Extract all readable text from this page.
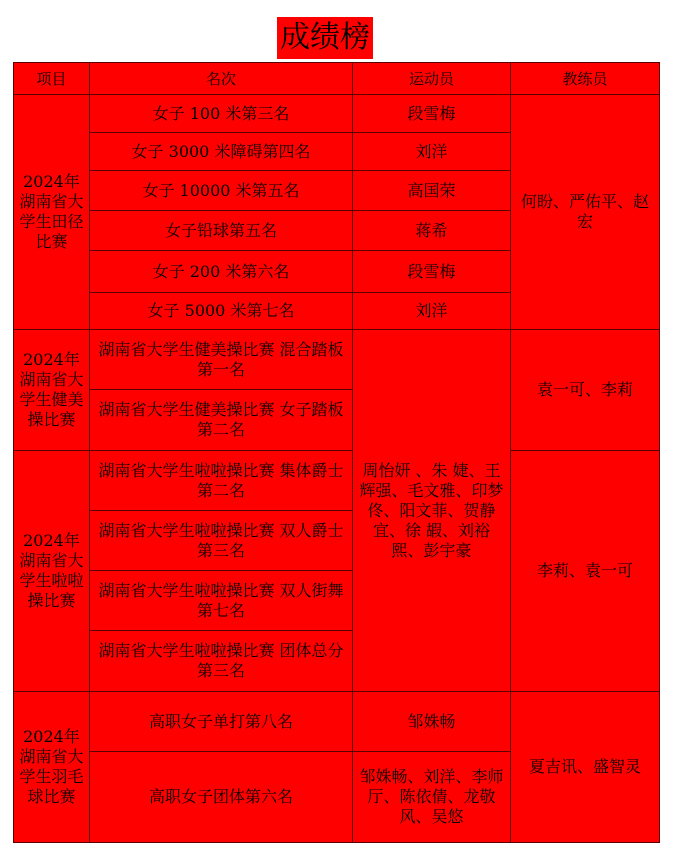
成绩榜
项目	名次	运动员	教练员
2024年湖南省大学生田径比赛	女子 100 米第三名	段雪梅	何盼、严佑平、赵宏
	女子 3000 米障碍第四名	刘洋	
	女子 10000 米第五名	高国荣	
	女子铅球第五名	蒋希	
	女子 200 米第六名	段雪梅	
	女子 5000 米第七名	刘洋	
2024年湖南省大学生健美操比赛	湖南省大学生健美操比赛 混合踏板第一名	周怡妍 、朱 婕、王辉强、毛文雅、印梦佟、阳文菲、贺静宜、徐 嘏、刘裕熙、彭宇豪	袁一可、李莉
	湖南省大学生健美操比赛 女子踏板第二名		
2024年湖南省大学生啦啦操比赛	湖南省大学生啦啦操比赛 集体爵士第二名		李莉、袁一可
	湖南省大学生啦啦操比赛 双人爵士第三名		
	湖南省大学生啦啦操比赛 双人街舞第七名		
	湖南省大学生啦啦操比赛 团体总分第三名		
2024年湖南省大学生羽毛球比赛	高职女子单打第八名	邹姝畅	夏吉讯、盛智灵
	高职女子团体第六名	邹姝畅、刘洋、李师厅、陈依倩、龙敬风、吴悠	
